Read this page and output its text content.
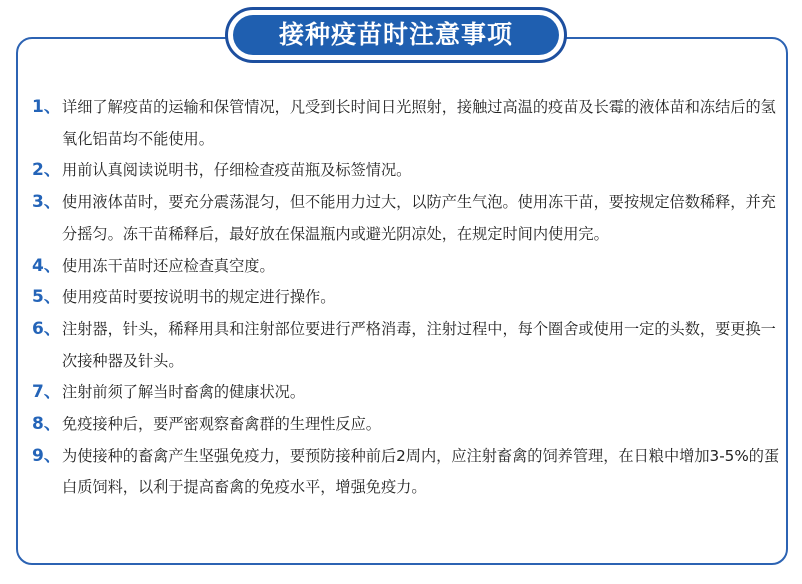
接种疫苗时注意事项
1、 详细了解疫苗的运输和保管情况，凡受到长时间日光照射，接触过高温的疫苗及长霉的液体苗和冻结后的氢氧化铝苗均不能使用。
2、 用前认真阅读说明书，仔细检查疫苗瓶及标签情况。
3、 使用液体苗时，要充分震荡混匀，但不能用力过大，以防产生气泡。使用冻干苗，要按规定倍数稀释，并充分摇匀。冻干苗稀释后，最好放在保温瓶内或避光阴凉处，在规定时间内使用完。
4、 使用冻干苗时还应检查真空度。
5、 使用疫苗时要按说明书的规定进行操作。
6、 注射器，针头，稀释用具和注射部位要进行严格消毒，注射过程中，每个圈舍或使用一定的头数，要更换一次接种器及针头。
7、 注射前须了解当时畜禽的健康状况。
8、 免疫接种后，要严密观察畜禽群的生理性反应。
9、 为使接种的畜禽产生坚强免疫力，要预防接种前后2周内，应注射畜禽的饲养管理，在日粮中增加3-5%的蛋白质饲料，以利于提高畜禽的免疫水平，增强免疫力。
